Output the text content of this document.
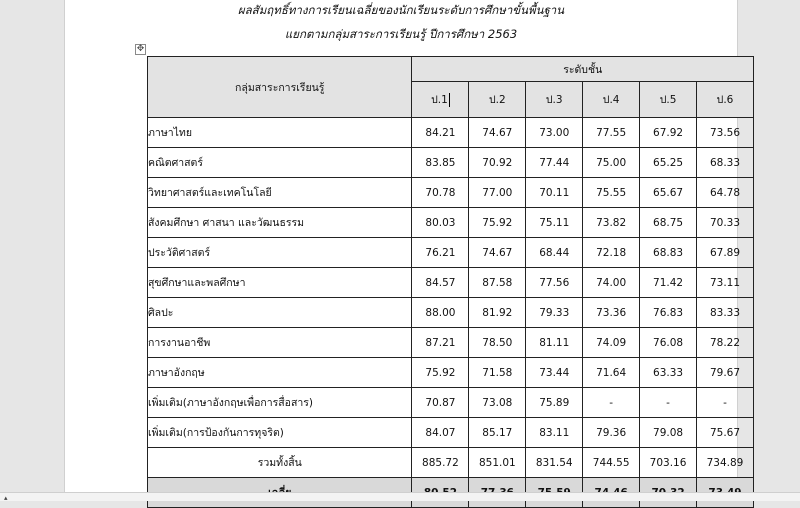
ผลสัมฤทธิ์ทางการเรียนเฉลี่ยของนักเรียนระดับการศึกษาขั้นพื้นฐาน
แยกตามกลุ่มสาระการเรียนรู้ ปีการศึกษา 2563
✥
กลุ่มสาระการเรียนรู้	ระดับชั้น					
	ป.1	ป.2	ป.3	ป.4	ป.5	ป.6
ภาษาไทย	84.21	74.67	73.00	77.55	67.92	73.56
คณิตศาสตร์	83.85	70.92	77.44	75.00	65.25	68.33
วิทยาศาสตร์และเทคโนโลยี	70.78	77.00	70.11	75.55	65.67	64.78
สังคมศึกษา ศาสนา และวัฒนธรรม	80.03	75.92	75.11	73.82	68.75	70.33
ประวัติศาสตร์	76.21	74.67	68.44	72.18	68.83	67.89
สุขศึกษาและพลศึกษา	84.57	87.58	77.56	74.00	71.42	73.11
ศิลปะ	88.00	81.92	79.33	73.36	76.83	83.33
การงานอาชีพ	87.21	78.50	81.11	74.09	76.08	78.22
ภาษาอังกฤษ	75.92	71.58	73.44	71.64	63.33	79.67
เพิ่มเติม(ภาษาอังกฤษเพื่อการสื่อสาร)	70.87	73.08	75.89	-	-	-
เพิ่มเติม(การป้องกันการทุจริต)	84.07	85.17	83.11	79.36	79.08	75.67
รวมทั้งสิ้น	885.72	851.01	831.54	744.55	703.16	734.89

▴
